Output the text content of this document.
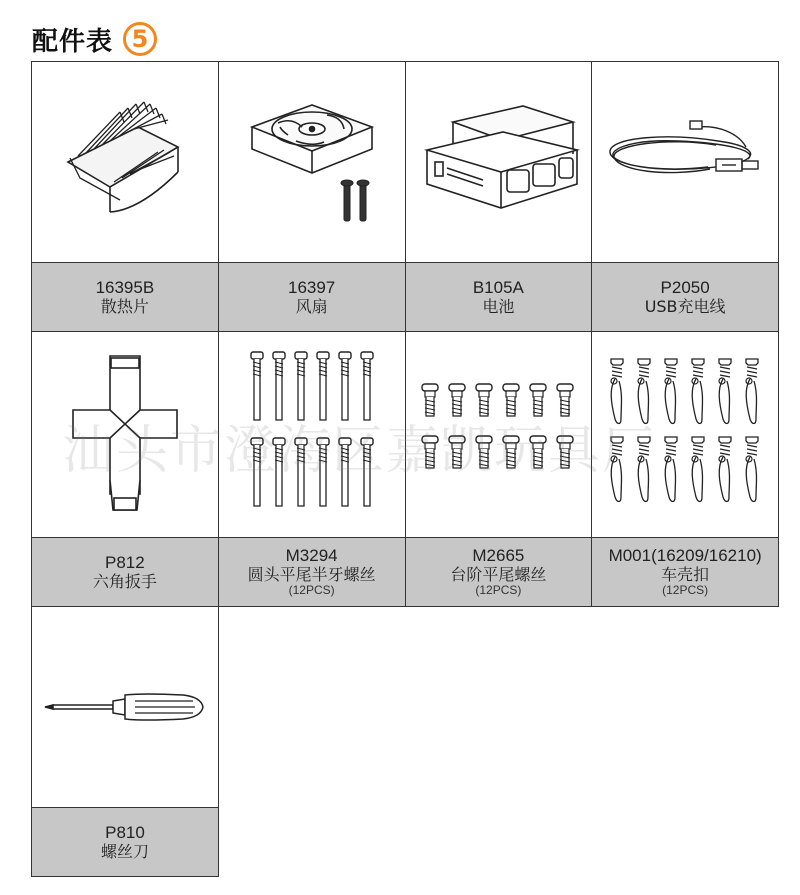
配件表 5
16395B
散热片
16397
风扇
B105A
电池
P2050
USB充电线
P812
六角扳手
M3294
圆头平尾半牙螺丝
(12PCS)
M2665
台阶平尾螺丝
(12PCS)
M001(16209/16210)
车壳扣
(12PCS)
P810
螺丝刀
